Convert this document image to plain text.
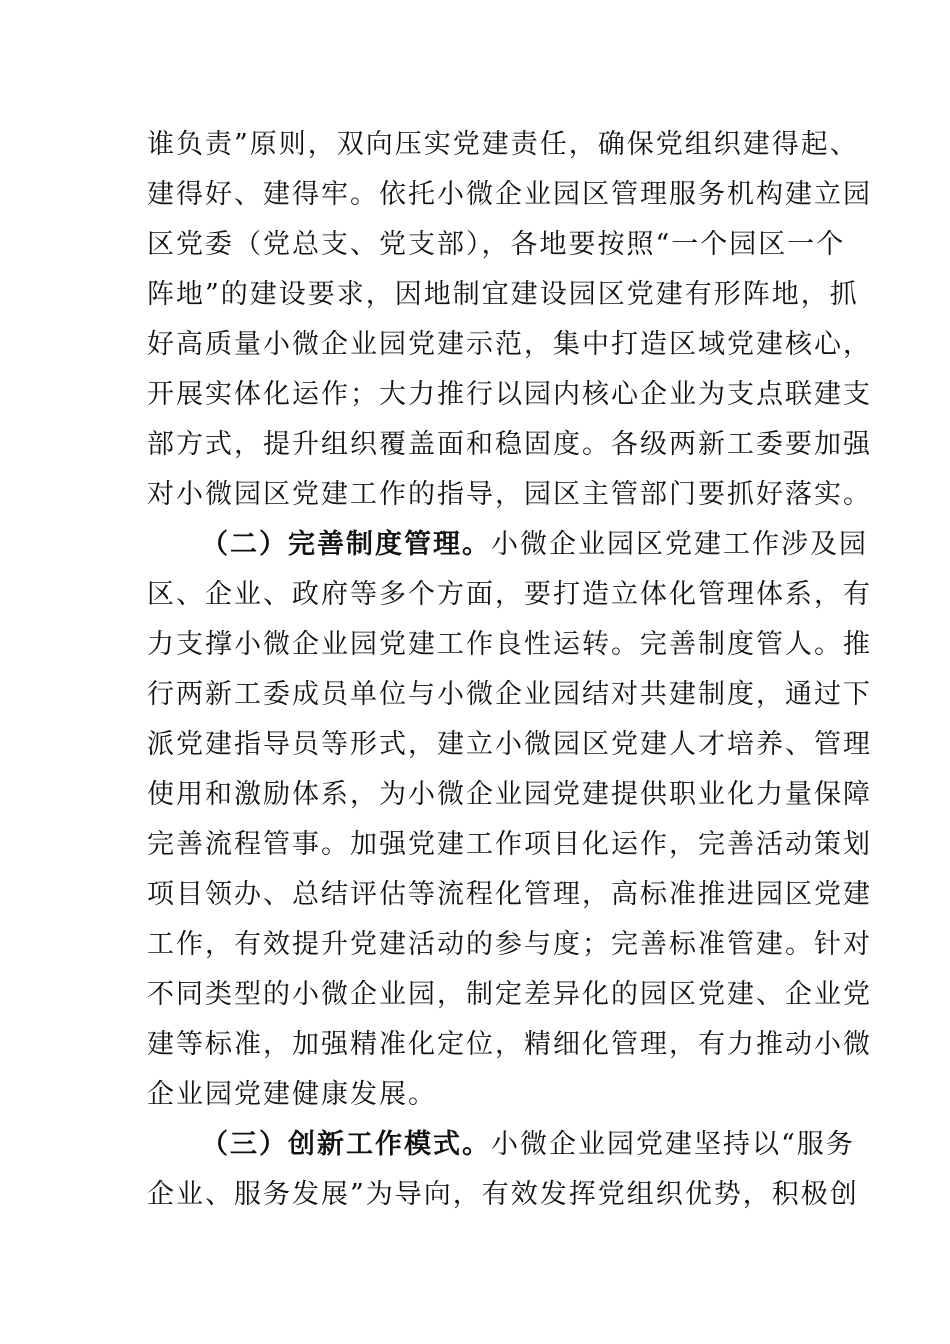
谁负责”原则，双向压实党建责任，确保党组织建得起、
建得好、建得牢。依托小微企业园区管理服务机构建立园
区党委（党总支、党支部），各地要按照“一个园区一个
阵地”的建设要求，因地制宜建设园区党建有形阵地，抓
好高质量小微企业园党建示范，集中打造区域党建核心，
开展实体化运作；大力推行以园内核心企业为支点联建支
部方式，提升组织覆盖面和稳固度。各级两新工委要加强
对小微园区党建工作的指导，园区主管部门要抓好落实。
（二）完善制度管理。小微企业园区党建工作涉及园
区、企业、政府等多个方面，要打造立体化管理体系，有
力支撑小微企业园党建工作良性运转。完善制度管人。推
行两新工委成员单位与小微企业园结对共建制度，通过下
派党建指导员等形式，建立小微园区党建人才培养、管理
使用和激励体系，为小微企业园党建提供职业化力量保障
完善流程管事。加强党建工作项目化运作，完善活动策划
项目领办、总结评估等流程化管理，高标准推进园区党建
工作，有效提升党建活动的参与度；完善标准管建。针对
不同类型的小微企业园，制定差异化的园区党建、企业党
建等标准，加强精准化定位，精细化管理，有力推动小微
企业园党建健康发展。
（三）创新工作模式。小微企业园党建坚持以“服务
企业、服务发展”为导向，有效发挥党组织优势，积极创
